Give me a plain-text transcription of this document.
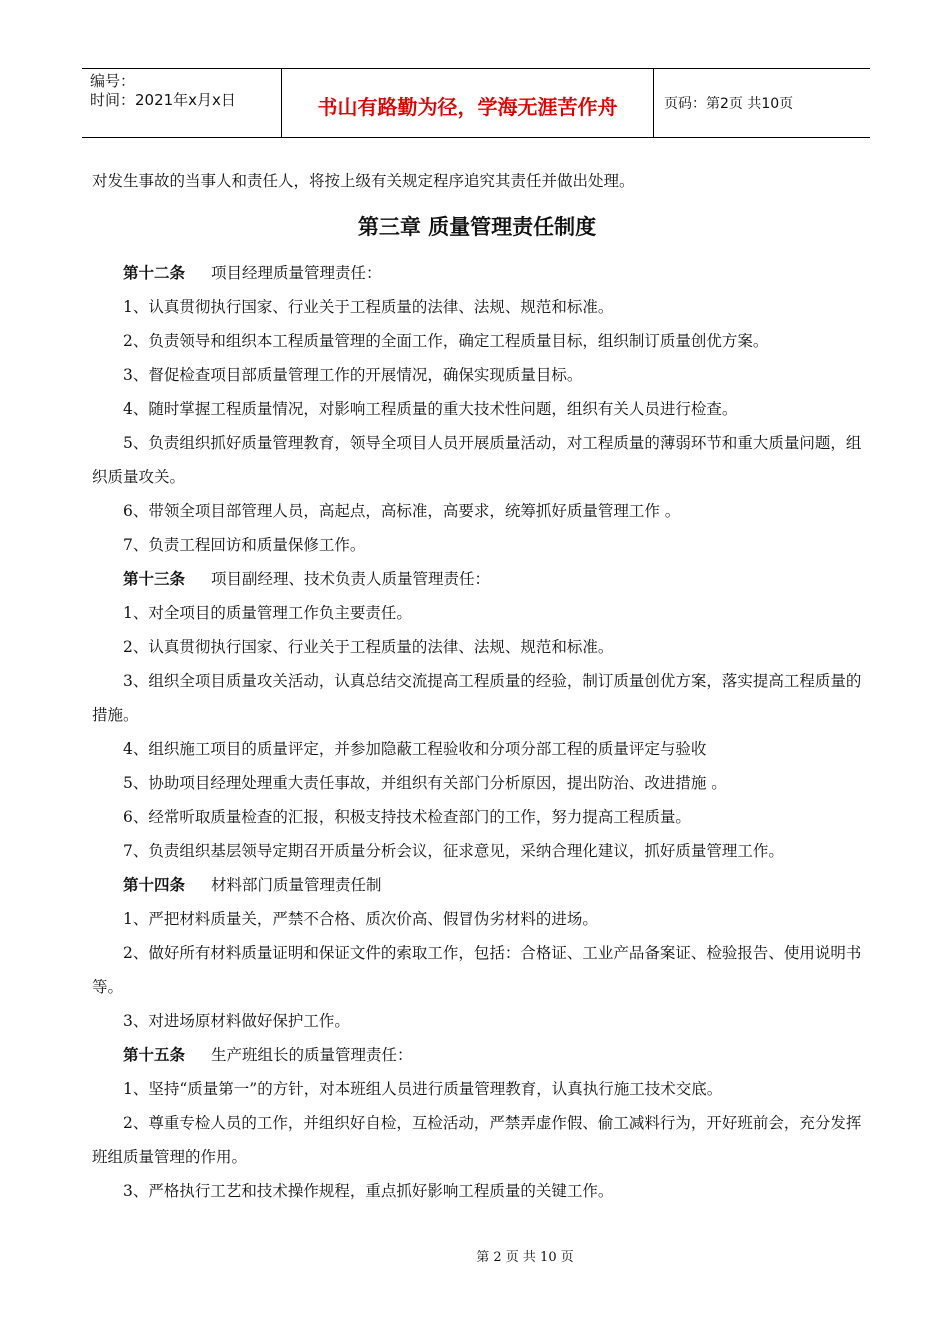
编号：
时间：2021年x月x日	书山有路勤为径，学海无涯苦作舟	页码：第2页 共10页

对发生事故的当事人和责任人，将按上级有关规定程序追究其责任并做出处理。

第三章 质量管理责任制度

第十二条 项目经理质量管理责任：

1、认真贯彻执行国家、行业关于工程质量的法律、法规、规范和标准。

2、负责领导和组织本工程质量管理的全面工作，确定工程质量目标，组织制订质量创优方案。

3、督促检查项目部质量管理工作的开展情况，确保实现质量目标。

4、随时掌握工程质量情况，对影响工程质量的重大技术性问题，组织有关人员进行检查。

5、负责组织抓好质量管理教育，领导全项目人员开展质量活动，对工程质量的薄弱环节和重大质量问题，组织质量攻关。

6、带领全项目部管理人员，高起点，高标准，高要求，统筹抓好质量管理工作 。

7、负责工程回访和质量保修工作。

第十三条 项目副经理、技术负责人质量管理责任：

1、对全项目的质量管理工作负主要责任。

2、认真贯彻执行国家、行业关于工程质量的法律、法规、规范和标准。

3、组织全项目质量攻关活动，认真总结交流提高工程质量的经验，制订质量创优方案，落实提高工程质量的措施。

4、组织施工项目的质量评定，并参加隐蔽工程验收和分项分部工程的质量评定与验收

5、协助项目经理处理重大责任事故，并组织有关部门分析原因，提出防治、改进措施 。

6、经常听取质量检查的汇报，积极支持技术检查部门的工作，努力提高工程质量。

7、负责组织基层领导定期召开质量分析会议，征求意见，采纳合理化建议，抓好质量管理工作。

第十四条 材料部门质量管理责任制

1、严把材料质量关，严禁不合格、质次价高、假冒伪劣材料的进场。

2、做好所有材料质量证明和保证文件的索取工作，包括：合格证、工业产品备案证、检验报告、使用说明书等。

3、对进场原材料做好保护工作。

第十五条 生产班组长的质量管理责任：

1、坚持“质量第一”的方针，对本班组人员进行质量管理教育，认真执行施工技术交底。

2、尊重专检人员的工作，并组织好自检，互检活动，严禁弄虚作假、偷工减料行为，开好班前会，充分发挥班组质量管理的作用。

3、严格执行工艺和技术操作规程，重点抓好影响工程质量的关键工作。

第 2 页 共 10 页
